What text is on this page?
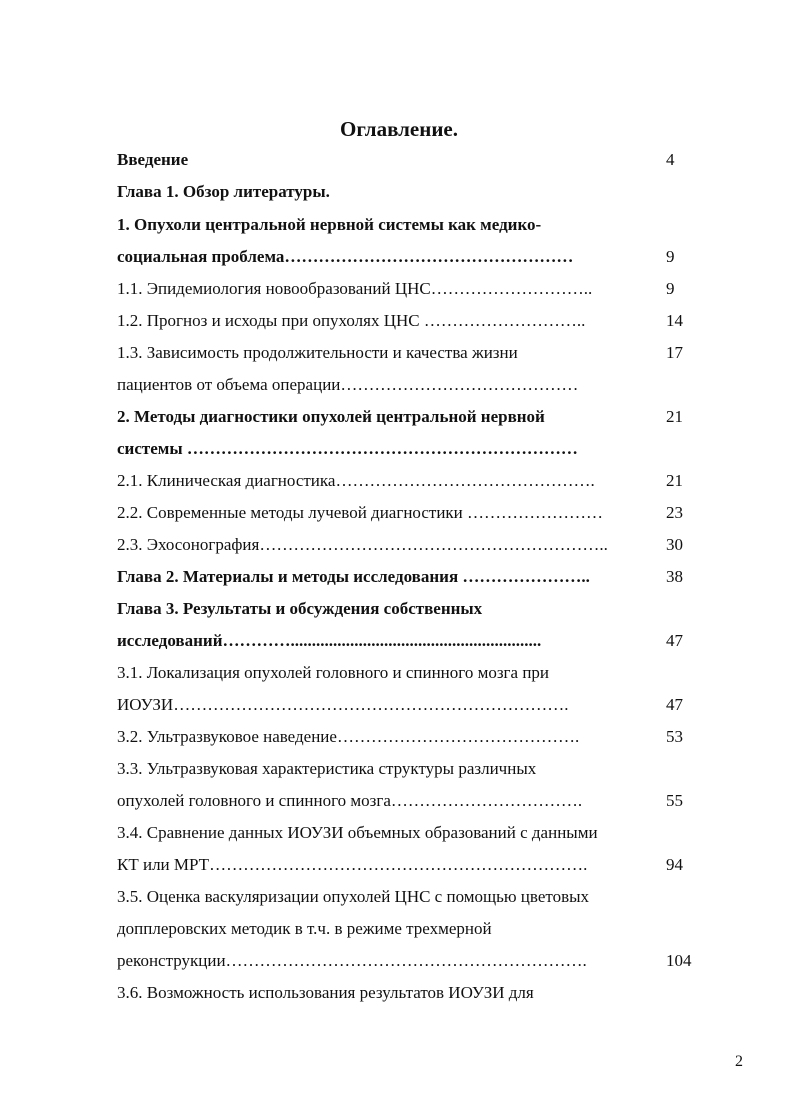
Оглавление.
Введение	4
Глава 1. Обзор литературы.
1. Опухоли центральной нервной системы как медико-
социальная проблема……………………………………………	9
1.1. Эпидемиология новообразований ЦНС………………………..	9
1.2. Прогноз и исходы при опухолях ЦНС ………………………..	14
1.3. Зависимость продолжительности и качества жизни	17
пациентов от объема операции……………………………………
2. Методы диагностики опухолей центральной нервной	21
системы ……………………………………………………………
2.1. Клиническая диагностика……………………………………….	21
2.2. Современные методы лучевой диагностики ……………………	23
2.3. Эхосонография……………………………………………………..	30
Глава 2. Материалы и методы исследования …………………..	38
Глава 3. Результаты и обсуждения собственных
исследований…………...........................................................	47
3.1. Локализация опухолей головного и спинного мозга при
ИОУЗИ…………………………………………………………….	47
3.2. Ультразвуковое наведение…………………………………….	53
3.3. Ультразвуковая характеристика структуры различных
опухолей головного и спинного мозга…………………………….	55
3.4. Сравнение данных ИОУЗИ объемных образований с данными
КТ или МРТ………………………………………………………….	94
3.5. Оценка васкуляризации опухолей ЦНС с помощью цветовых
допплеровских методик в т.ч. в режиме трехмерной
реконструкции……………………………………………………….	104
3.6. Возможность использования результатов ИОУЗИ для
2
